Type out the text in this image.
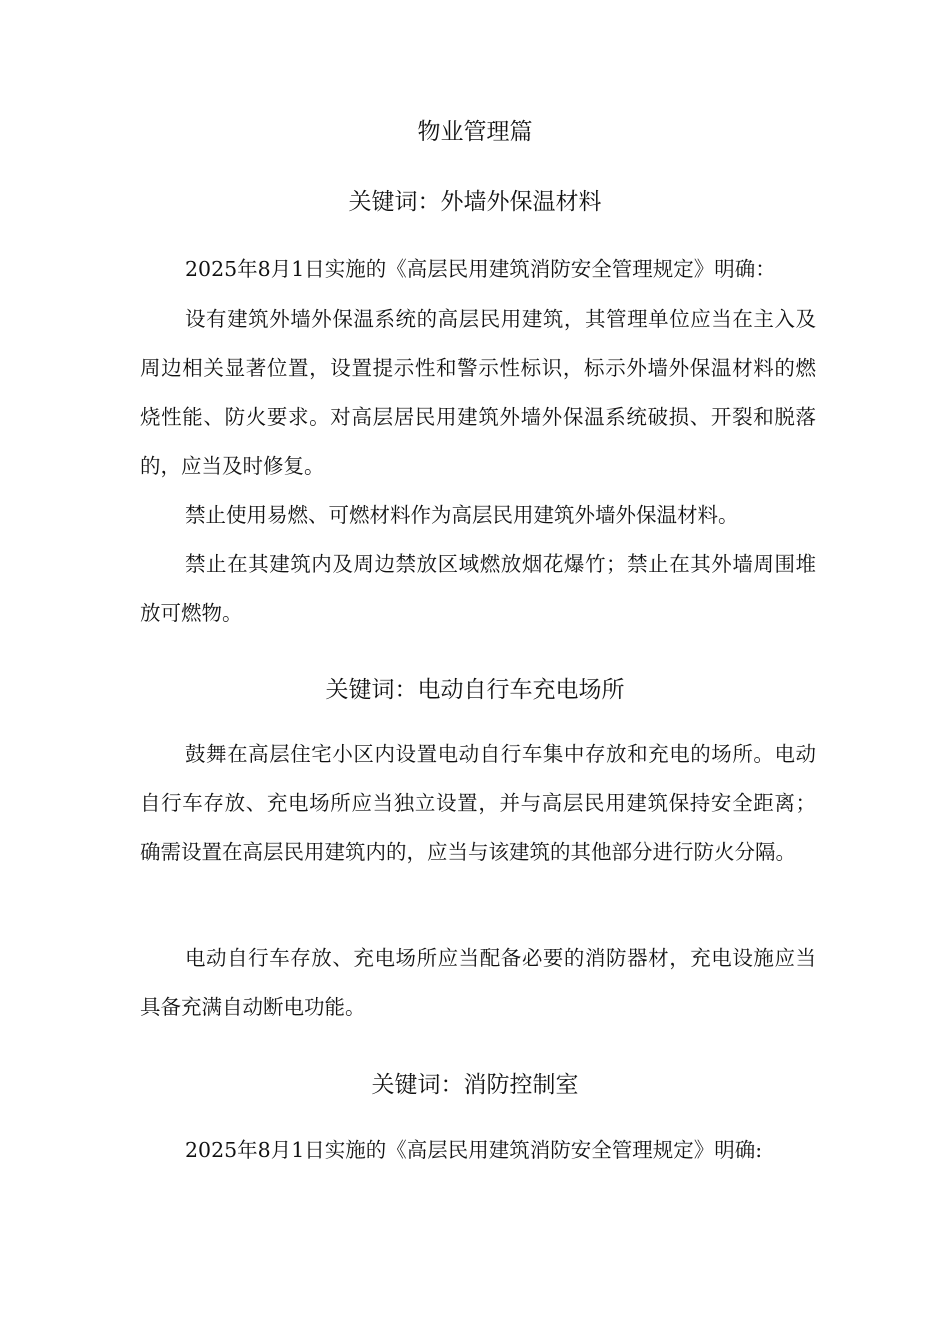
物业管理篇
关键词：外墙外保温材料

2025年8月1日实施的《高层民用建筑消防安全管理规定》明确：

设有建筑外墙外保温系统的高层民用建筑，其管理单位应当在主入及周边相关显著位置，设置提示性和警示性标识，标示外墙外保温材料的燃烧性能、防火要求。对高层居民用建筑外墙外保温系统破损、开裂和脱落的，应当及时修复。

禁止使用易燃、可燃材料作为高层民用建筑外墙外保温材料。

禁止在其建筑内及周边禁放区域燃放烟花爆竹；禁止在其外墙周围堆放可燃物。

关键词：电动自行车充电场所

鼓舞在高层住宅小区内设置电动自行车集中存放和充电的场所。电动自行车存放、充电场所应当独立设置，并与高层民用建筑保持安全距离；确需设置在高层民用建筑内的，应当与该建筑的其他部分进行防火分隔。

电动自行车存放、充电场所应当配备必要的消防器材，充电设施应当具备充满自动断电功能。

关键词：消防控制室

2025年8月1日实施的《高层民用建筑消防安全管理规定》明确:
